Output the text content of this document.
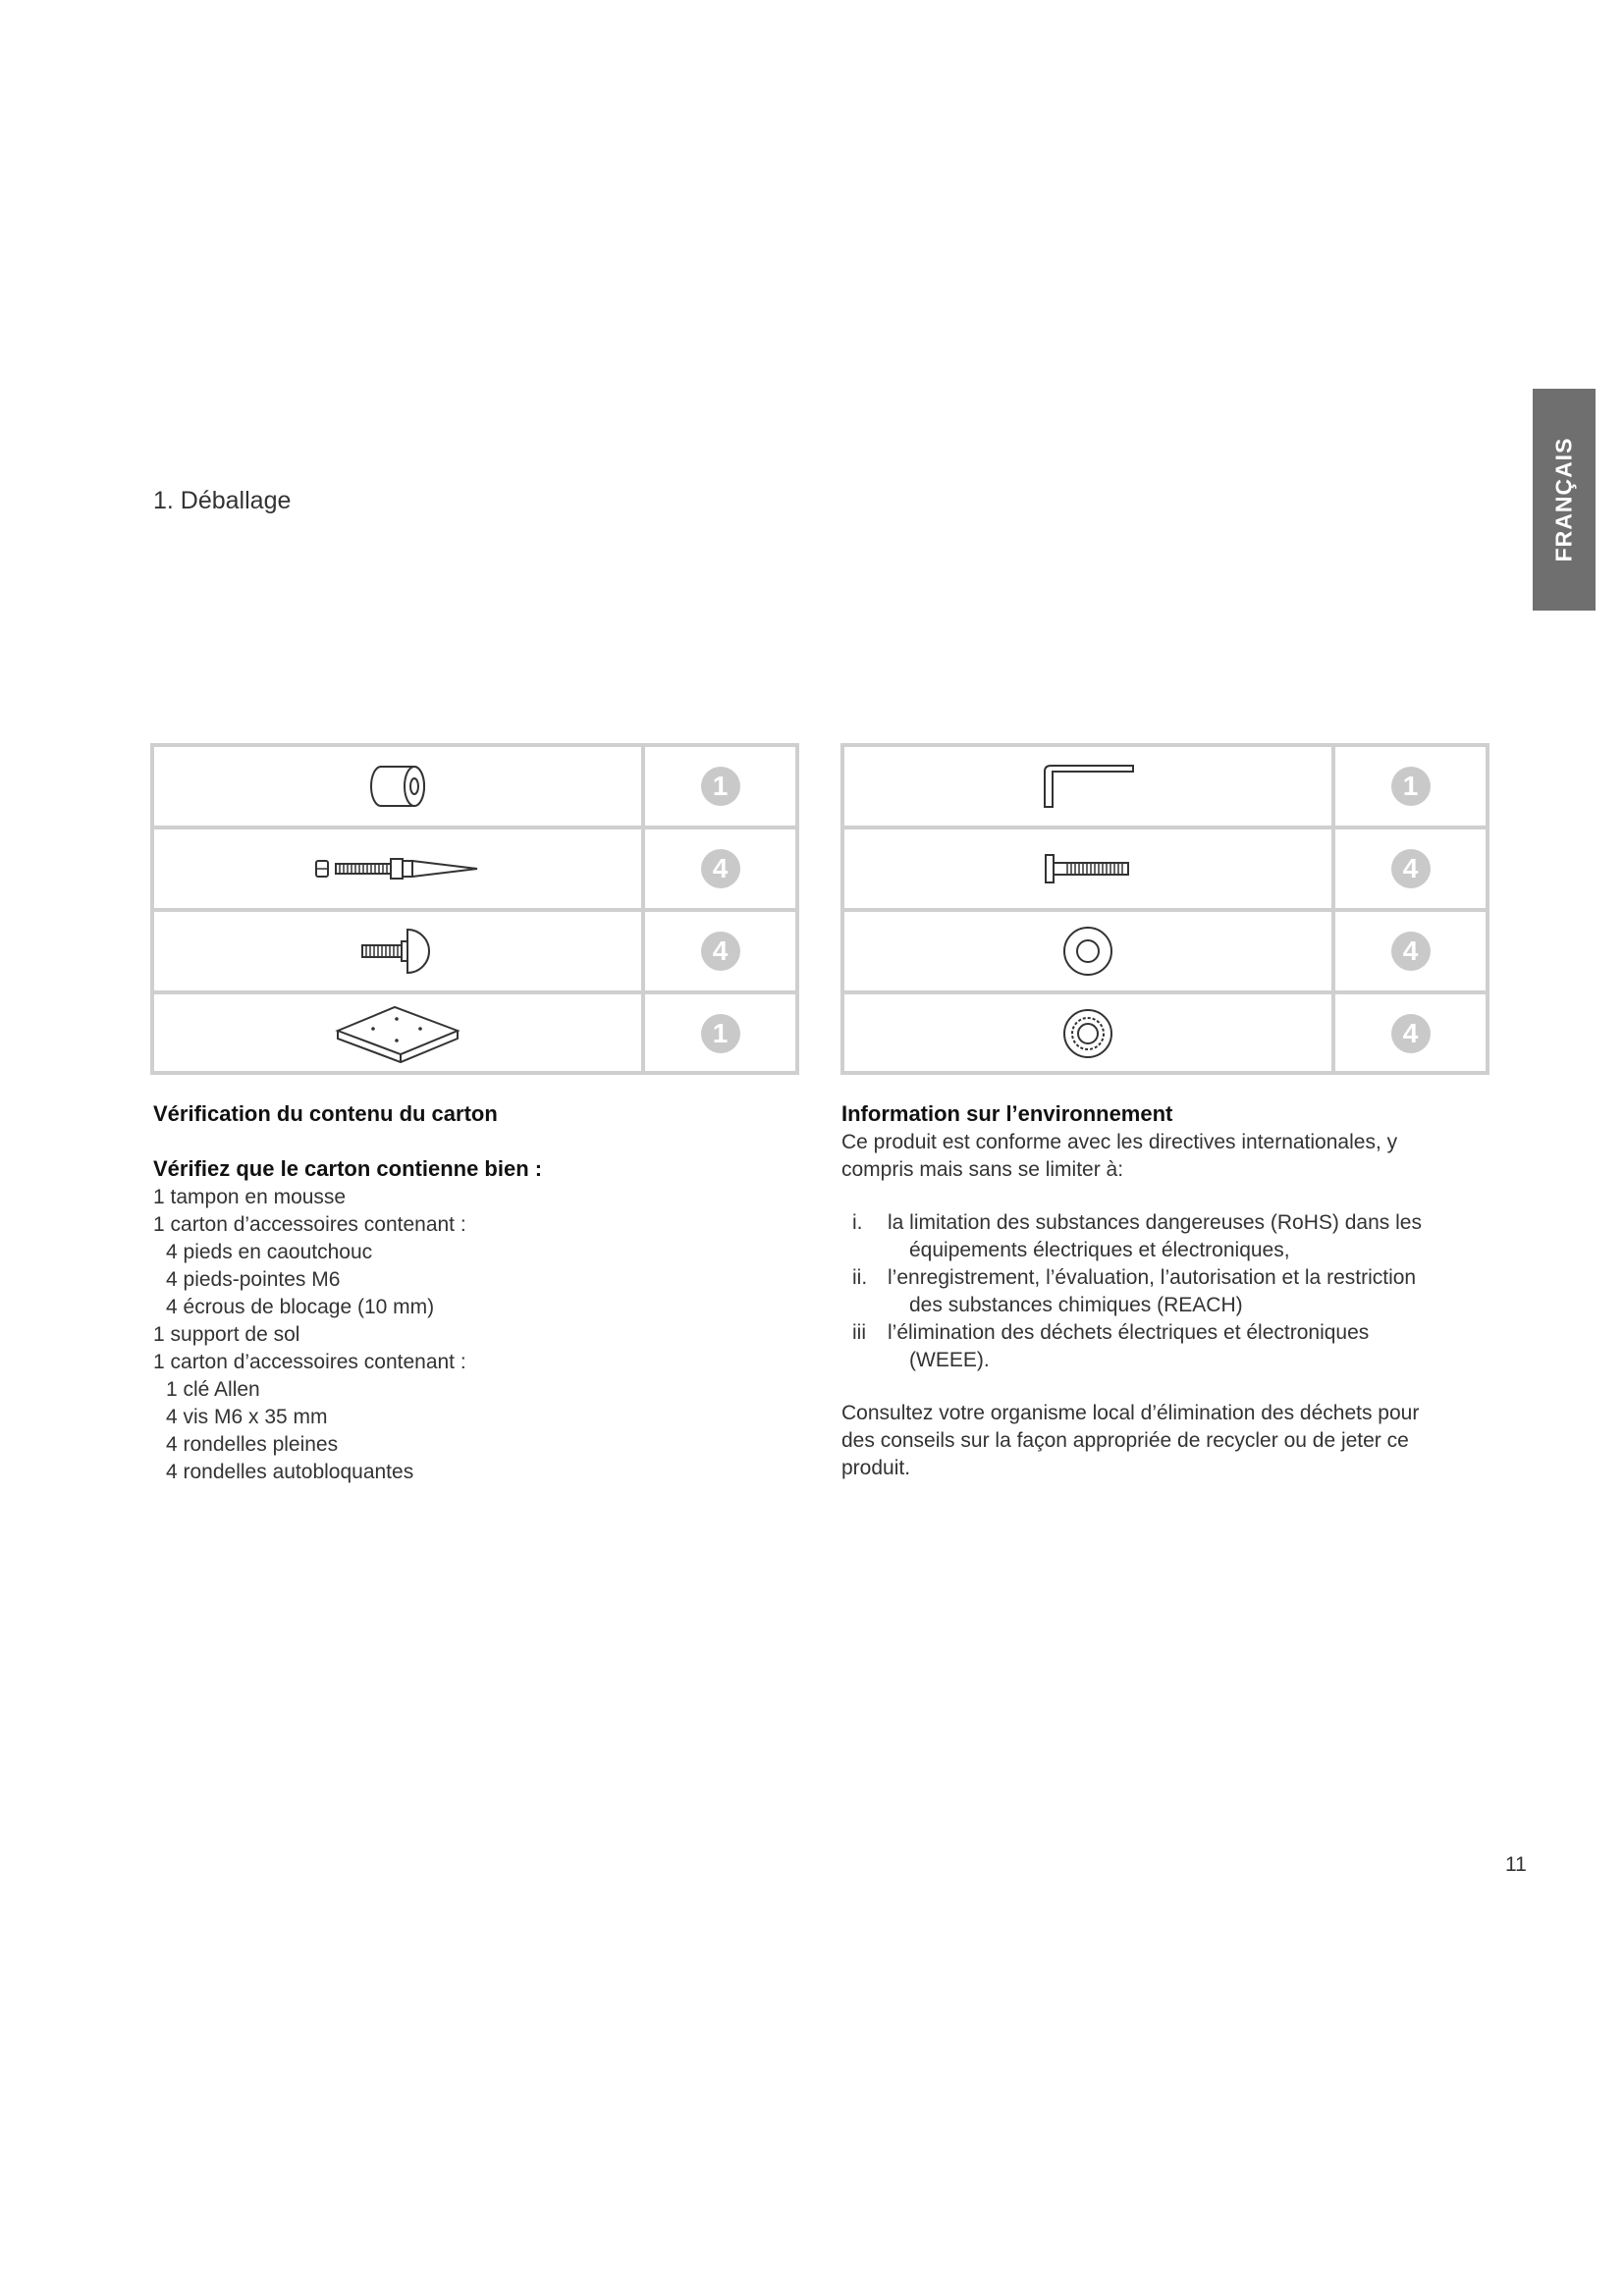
FRANÇAIS
1. Déballage
1
4
4
1
1
4
4
4
Vérification du contenu du carton
Vérifiez que le carton contienne bien :
1 tampon en mousse
1 carton d’accessoires contenant :
4 pieds en caoutchouc
4 pieds-pointes M6
4 écrous de blocage (10 mm)
1 support de sol
1 carton d’accessoires contenant :
1 clé Allen
4 vis M6 x 35 mm
4 rondelles pleines
4 rondelles autobloquantes
Information sur l’environnement
Ce produit est conforme avec les directives internationales, y
compris mais sans se limiter à:
i. la limitation des substances dangereuses (RoHS) dans les
équipements électriques et électroniques,
ii. l’enregistrement, l’évaluation, l’autorisation et la restriction
des substances chimiques (REACH)
iii l’élimination des déchets électriques et électroniques
(WEEE).
Consultez votre organisme local d’élimination des déchets pour
des conseils sur la façon appropriée de recycler ou de jeter ce
produit.
11
